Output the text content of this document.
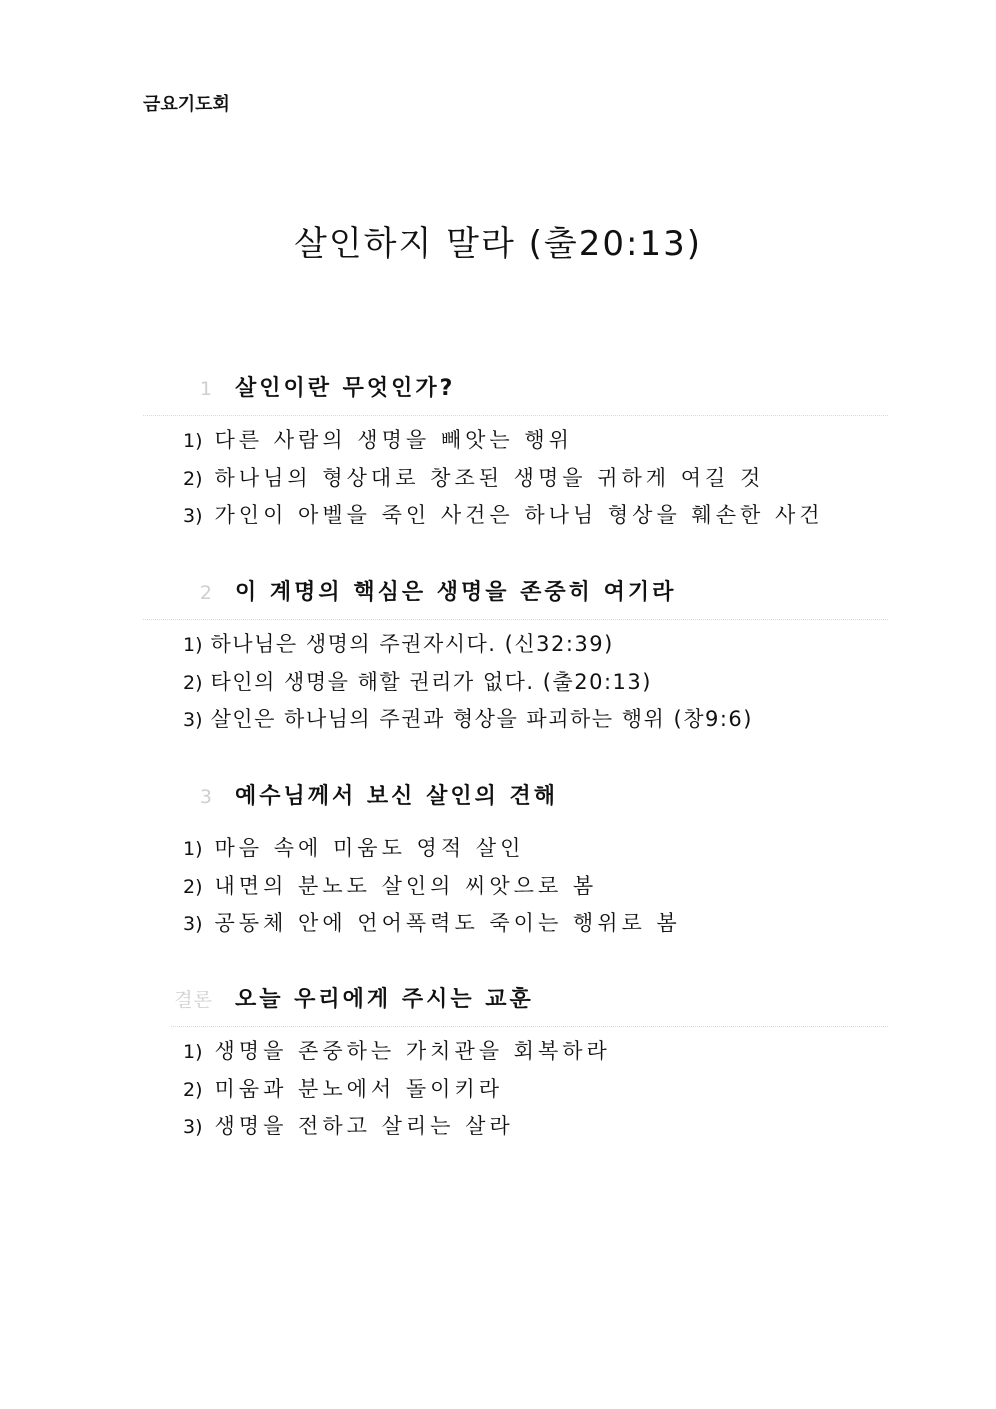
금요기도회
살인하지 말라 (출20:13)
1 살인이란 무엇인가?
1) 다른 사람의 생명을 빼앗는 행위
2) 하나님의 형상대로 창조된 생명을 귀하게 여길 것
3) 가인이 아벨을 죽인 사건은 하나님 형상을 훼손한 사건
2 이 계명의 핵심은 생명을 존중히 여기라
1) 하나님은 생명의 주권자시다. (신32:39)
2) 타인의 생명을 해할 권리가 없다. (출20:13)
3) 살인은 하나님의 주권과 형상을 파괴하는 행위 (창9:6)
3 예수님께서 보신 살인의 견해
1) 마음 속에 미움도 영적 살인
2) 내면의 분노도 살인의 씨앗으로 봄
3) 공동체 안에 언어폭력도 죽이는 행위로 봄
결론 오늘 우리에게 주시는 교훈
1) 생명을 존중하는 가치관을 회복하라
2) 미움과 분노에서 돌이키라
3) 생명을 전하고 살리는 살라
